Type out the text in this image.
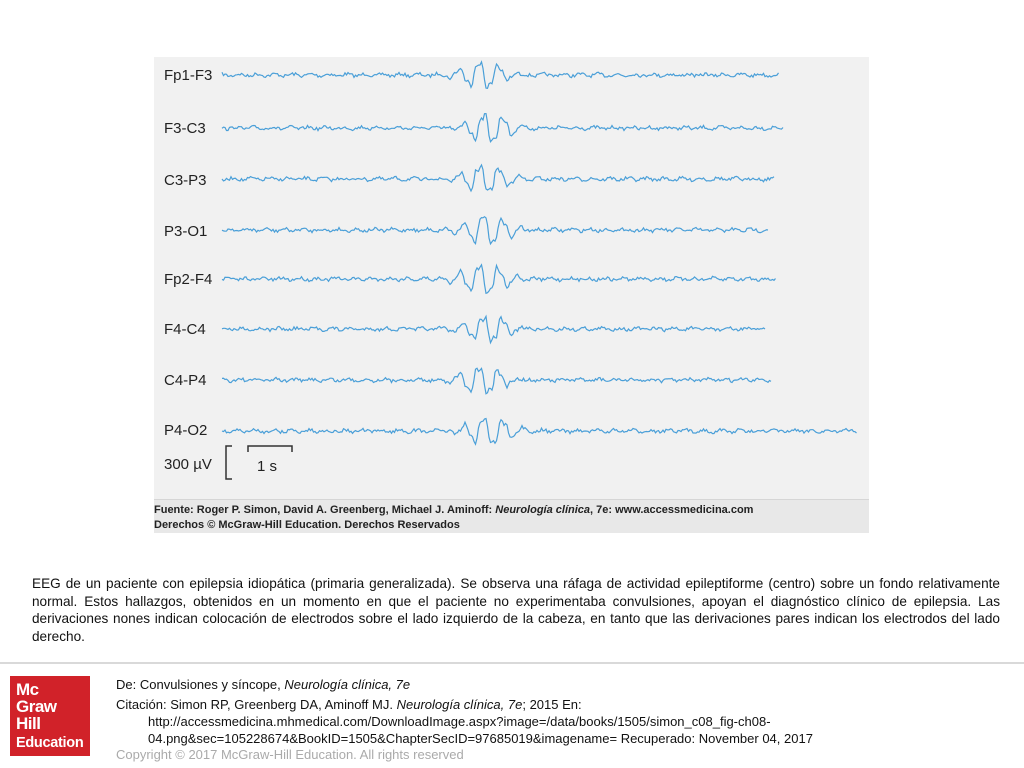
Fp1-F3
F3-C3
C3-P3
P3-O1
Fp2-F4
F4-C4
C4-P4
P4-O2
300 µV	1 s
Fuente: Roger P. Simon, David A. Greenberg, Michael J. Aminoff: Neurología clínica, 7e: www.accessmedicina.com
Derechos © McGraw-Hill Education. Derechos Reservados
EEG de un paciente con epilepsia idiopática (primaria generalizada). Se observa una ráfaga de actividad epileptiforme (centro) sobre un fondo relativamente normal. Estos hallazgos, obtenidos en un momento en que el paciente no experimentaba convulsiones, apoyan el diagnóstico clínico de epilepsia. Las derivaciones nones indican colocación de electrodos sobre el lado izquierdo de la cabeza, en tanto que las derivaciones pares indican los electrodos del lado derecho.
Mc
Graw
Hill
Education
De: Convulsiones y síncope, Neurología clínica, 7e
Citación: Simon RP, Greenberg DA, Aminoff MJ. Neurología clínica, 7e; 2015 En:
http://accessmedicina.mhmedical.com/DownloadImage.aspx?image=/data/books/1505/simon_c08_fig-ch08-
04.png&sec=105228674&BookID=1505&ChapterSecID=97685019&imagename= Recuperado: November 04, 2017
Copyright © 2017 McGraw-Hill Education. All rights reserved
